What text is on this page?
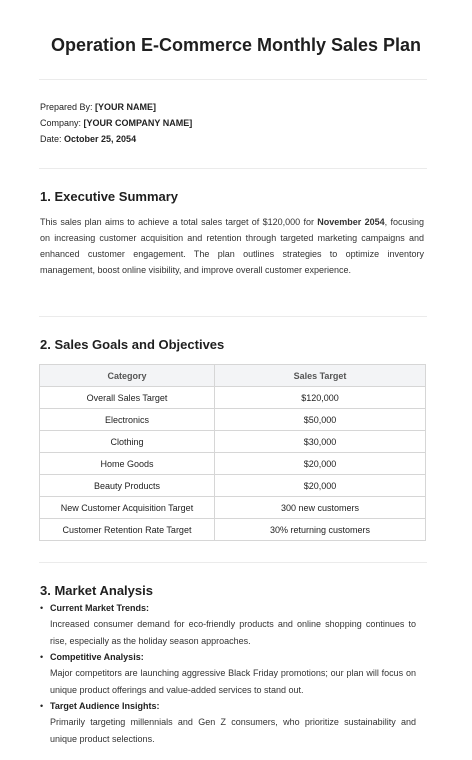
Operation E-Commerce Monthly Sales Plan
Prepared By: [YOUR NAME]
Company: [YOUR COMPANY NAME]
Date: October 25, 2054
1. Executive Summary
This sales plan aims to achieve a total sales target of $120,000 for November 2054, focusing on increasing customer acquisition and retention through targeted marketing campaigns and enhanced customer engagement. The plan outlines strategies to optimize inventory management, boost online visibility, and improve overall customer experience.
2. Sales Goals and Objectives
Category	Sales Target
Overall Sales Target	$120,000
Electronics	$50,000
Clothing	$30,000
Home Goods	$20,000
Beauty Products	$20,000
New Customer Acquisition Target	300 new customers
Customer Retention Rate Target	30% returning customers
3. Market Analysis
• Current Market Trends:
Increased consumer demand for eco-friendly products and online shopping continues to rise, especially as the holiday season approaches.
• Competitive Analysis:
Major competitors are launching aggressive Black Friday promotions; our plan will focus on unique product offerings and value-added services to stand out.
• Target Audience Insights:
Primarily targeting millennials and Gen Z consumers, who prioritize sustainability and unique product selections.
